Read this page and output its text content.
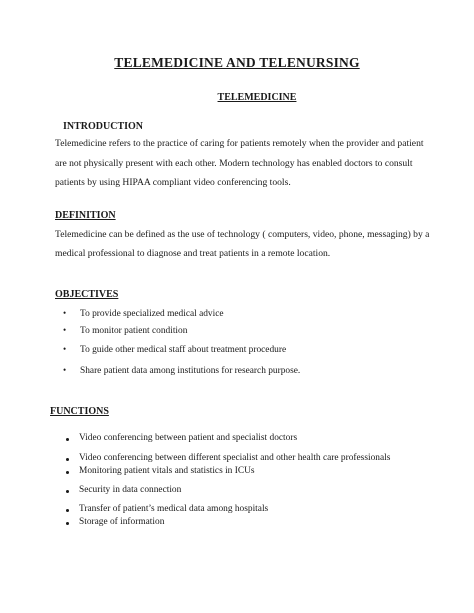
TELEMEDICINE AND TELENURSING
TELEMEDICINE
INTRODUCTION
Telemedicine refers to the practice of caring for patients remotely when the provider and patient
are not physically present with each other. Modern technology has enabled doctors to consult
patients by using HIPAA compliant video conferencing tools.
DEFINITION
Telemedicine can be defined as the use of technology ( computers, video, phone, messaging) by a
medical professional to diagnose and treat patients in a remote location.
OBJECTIVES
• To provide specialized medical advice
• To monitor patient condition
• To guide other medical staff about treatment procedure
• Share patient data among institutions for research purpose.
FUNCTIONS
Video conferencing between patient and specialist doctors
Video conferencing between different specialist and other health care professionals
Monitoring patient vitals and statistics in ICUs
Security in data connection
Transfer of patient’s medical data among hospitals
Storage of information
